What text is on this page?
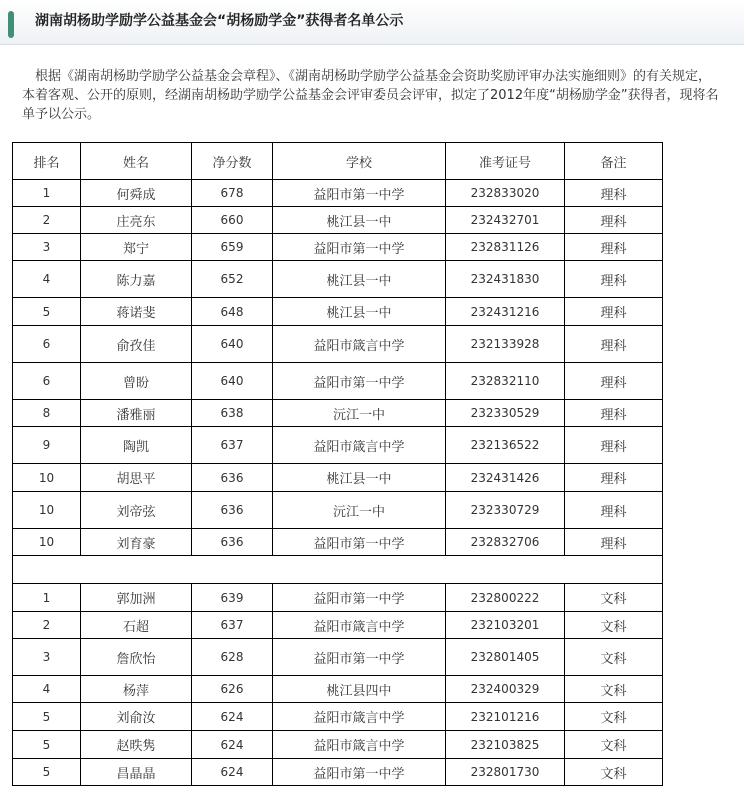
湖南胡杨助学励学公益基金会“胡杨励学金”获得者名单公示

根据《湖南胡杨助学励学公益基金会章程》、《湖南胡杨助学励学公益基金会资助奖励评审办法实施细则》的有关规定，本着客观、公开的原则，经湖南胡杨助学励学公益基金会评审委员会评审，拟定了2012年度“胡杨励学金”获得者，现将名单予以公示。

排名	姓名	净分数	学校	准考证号	备注
1	何舜成	678	益阳市第一中学	232833020	理科
2	庄亮东	660	桃江县一中	232432701	理科
3	郑宁	659	益阳市第一中学	232831126	理科
4	陈力嘉	652	桃江县一中	232431830	理科
5	蒋诺斐	648	桃江县一中	232431216	理科
6	俞孜佳	640	益阳市箴言中学	232133928	理科
6	曾盼	640	益阳市第一中学	232832110	理科
8	潘雅丽	638	沅江一中	232330529	理科
9	陶凯	637	益阳市箴言中学	232136522	理科
10	胡思平	636	桃江县一中	232431426	理科
10	刘帝弦	636	沅江一中	232330729	理科
10	刘育豪	636	益阳市第一中学	232832706	理科

1	郭加洲	639	益阳市第一中学	232800222	文科
2	石超	637	益阳市箴言中学	232103201	文科
3	詹欣怡	628	益阳市第一中学	232801405	文科
4	杨萍	626	桃江县四中	232400329	文科
5	刘俞汝	624	益阳市箴言中学	232101216	文科
5	赵昳隽	624	益阳市箴言中学	232103825	文科
5	昌晶晶	624	益阳市第一中学	232801730	文科
